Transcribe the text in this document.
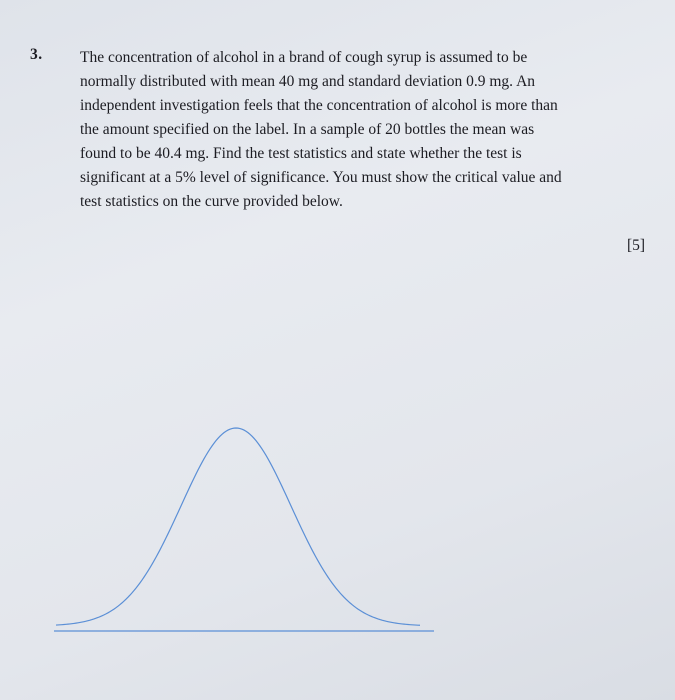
3. The concentration of alcohol in a brand of cough syrup is assumed to be
normally distributed with mean 40 mg and standard deviation 0.9 mg. An
independent investigation feels that the concentration of alcohol is more than
the amount specified on the label. In a sample of 20 bottles the mean was
found to be 40.4 mg. Find the test statistics and state whether the test is
significant at a 5% level of significance. You must show the critical value and
test statistics on the curve provided below.

[5]
